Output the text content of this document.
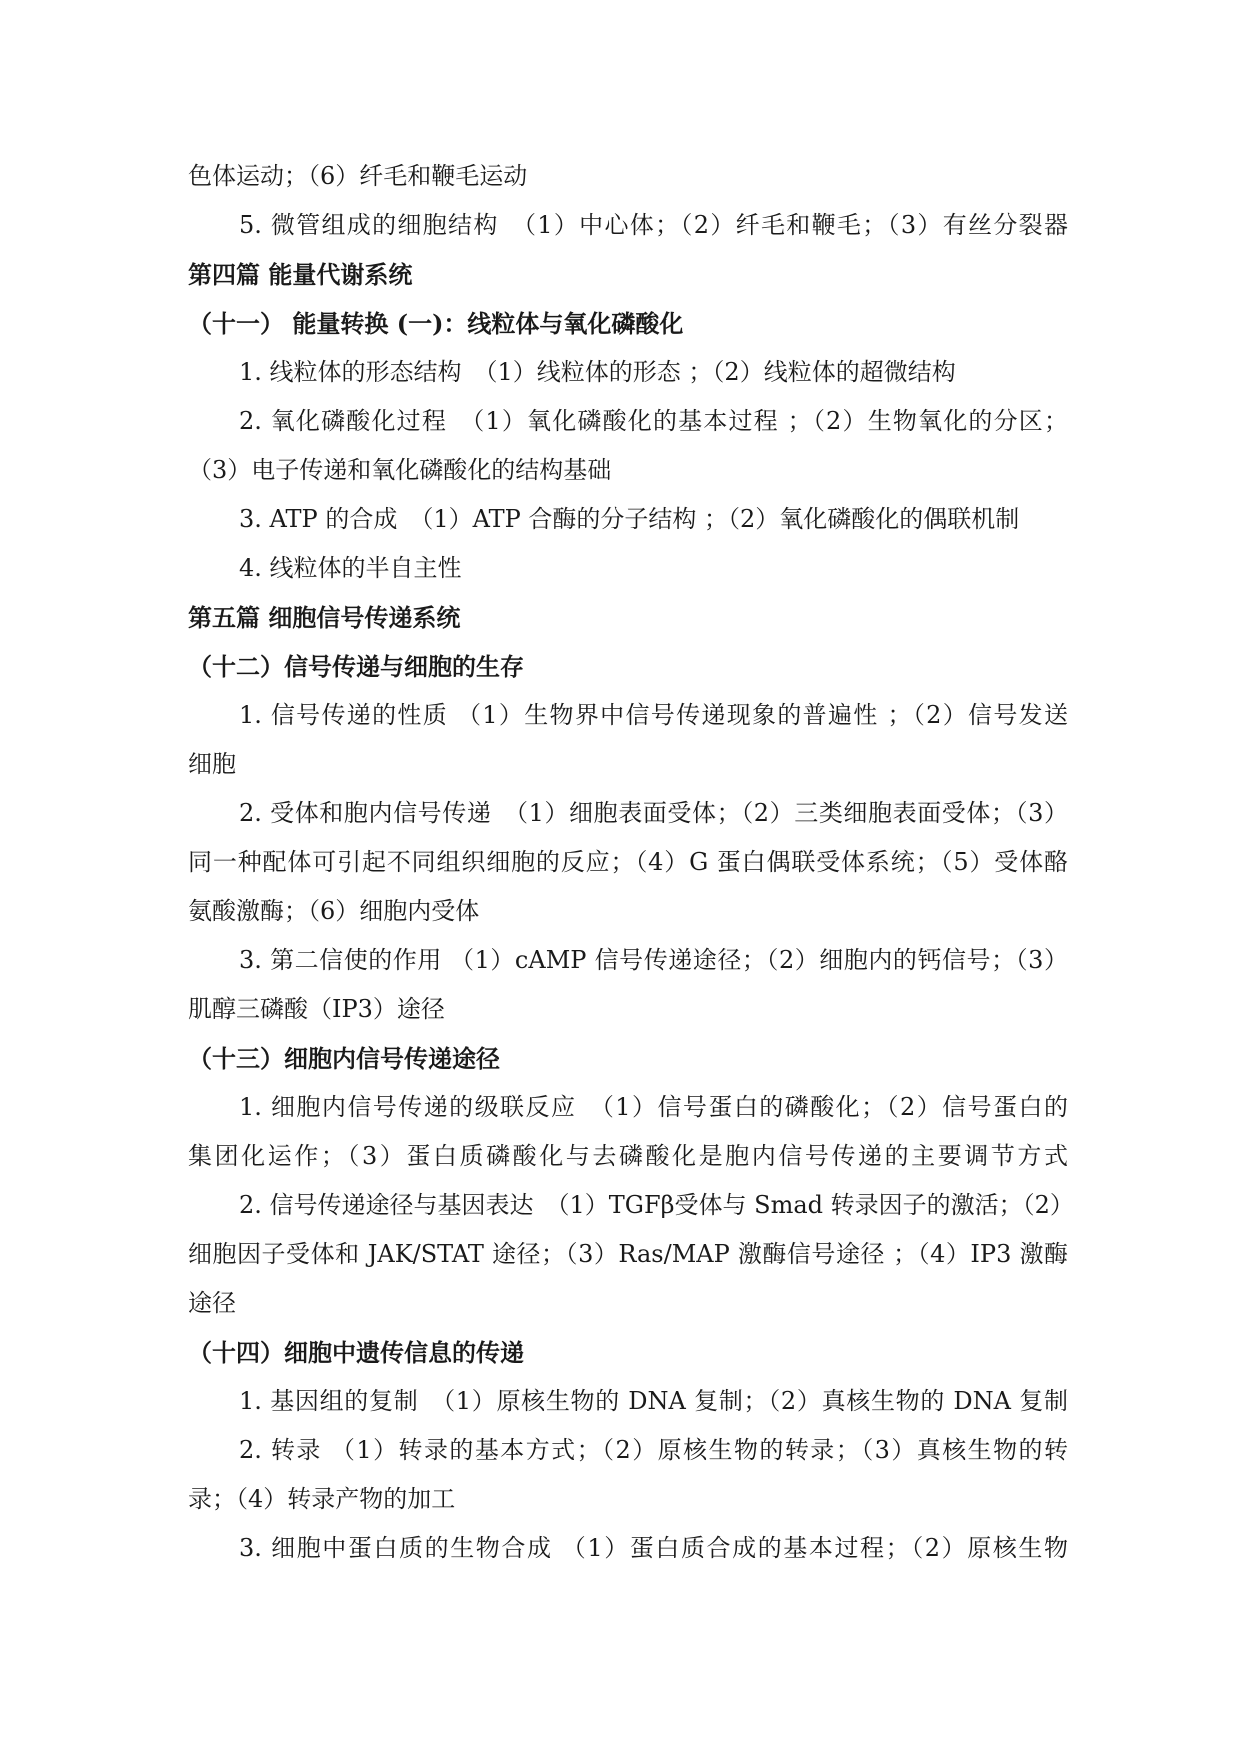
色体运动；（6）纤毛和鞭毛运动
5. 微管组成的细胞结构　（1）中心体；（2）纤毛和鞭毛；（3）有丝分裂器
第四篇 能量代谢系统
（十一） 能量转换 (一)：线粒体与氧化磷酸化
1. 线粒体的形态结构　（1）线粒体的形态 ；（2）线粒体的超微结构
2. 氧化磷酸化过程　（1）氧化磷酸化的基本过程 ；（2）生物氧化的分区；
（3）电子传递和氧化磷酸化的结构基础
3. ATP 的合成　（1）ATP 合酶的分子结构 ；（2）氧化磷酸化的偶联机制
4. 线粒体的半自主性
第五篇 细胞信号传递系统
（十二）信号传递与细胞的生存
1. 信号传递的性质 （1）生物界中信号传递现象的普遍性 ；（2）信号发送
细胞
2. 受体和胞内信号传递　（1）细胞表面受体；（2）三类细胞表面受体；（3）
同一种配体可引起不同组织细胞的反应；（4）G 蛋白偶联受体系统；（5）受体酪
氨酸激酶；（6）细胞内受体
3. 第二信使的作用 （1）cAMP 信号传递途径；（2）细胞内的钙信号；（3）
肌醇三磷酸（IP3）途径
（十三）细胞内信号传递途径
1. 细胞内信号传递的级联反应　（1）信号蛋白的磷酸化；（2）信号蛋白的
集团化运作；（3）蛋白质磷酸化与去磷酸化是胞内信号传递的主要调节方式
2. 信号传递途径与基因表达　（1）TGFβ受体与 Smad 转录因子的激活；（2）
细胞因子受体和 JAK/STAT 途径；（3）Ras/MAP 激酶信号途径 ；（4）IP3 激酶
途径
（十四）细胞中遗传信息的传递
1. 基因组的复制　（1）原核生物的 DNA 复制；（2）真核生物的 DNA 复制
2. 转录 （1）转录的基本方式；（2）原核生物的转录；（3）真核生物的转
录；（4）转录产物的加工
3. 细胞中蛋白质的生物合成 （1）蛋白质合成的基本过程；（2）原核生物
